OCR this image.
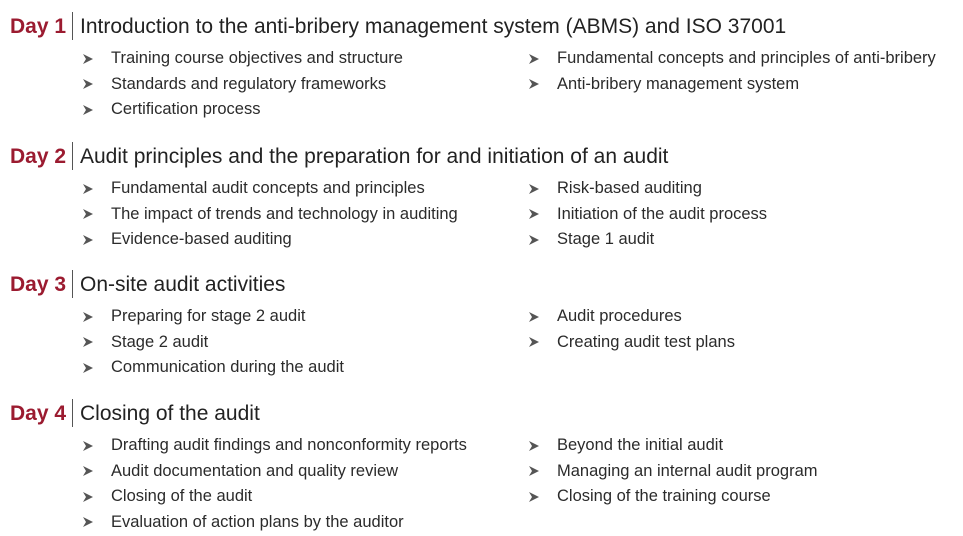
Day 1 Introduction to the anti-bribery management system (ABMS) and ISO 37001
Training course objectives and structure
Standards and regulatory frameworks
Certification process
Fundamental concepts and principles of anti-bribery
Anti-bribery management system
Day 2 Audit principles and the preparation for and initiation of an audit
Fundamental audit concepts and principles
The impact of trends and technology in auditing
Evidence-based auditing
Risk-based auditing
Initiation of the audit process
Stage 1 audit
Day 3 On-site audit activities
Preparing for stage 2 audit
Stage 2 audit
Communication during the audit
Audit procedures
Creating audit test plans
Day 4 Closing of the audit
Drafting audit findings and nonconformity reports
Audit documentation and quality review
Closing of the audit
Evaluation of action plans by the auditor
Beyond the initial audit
Managing an internal audit program
Closing of the training course
